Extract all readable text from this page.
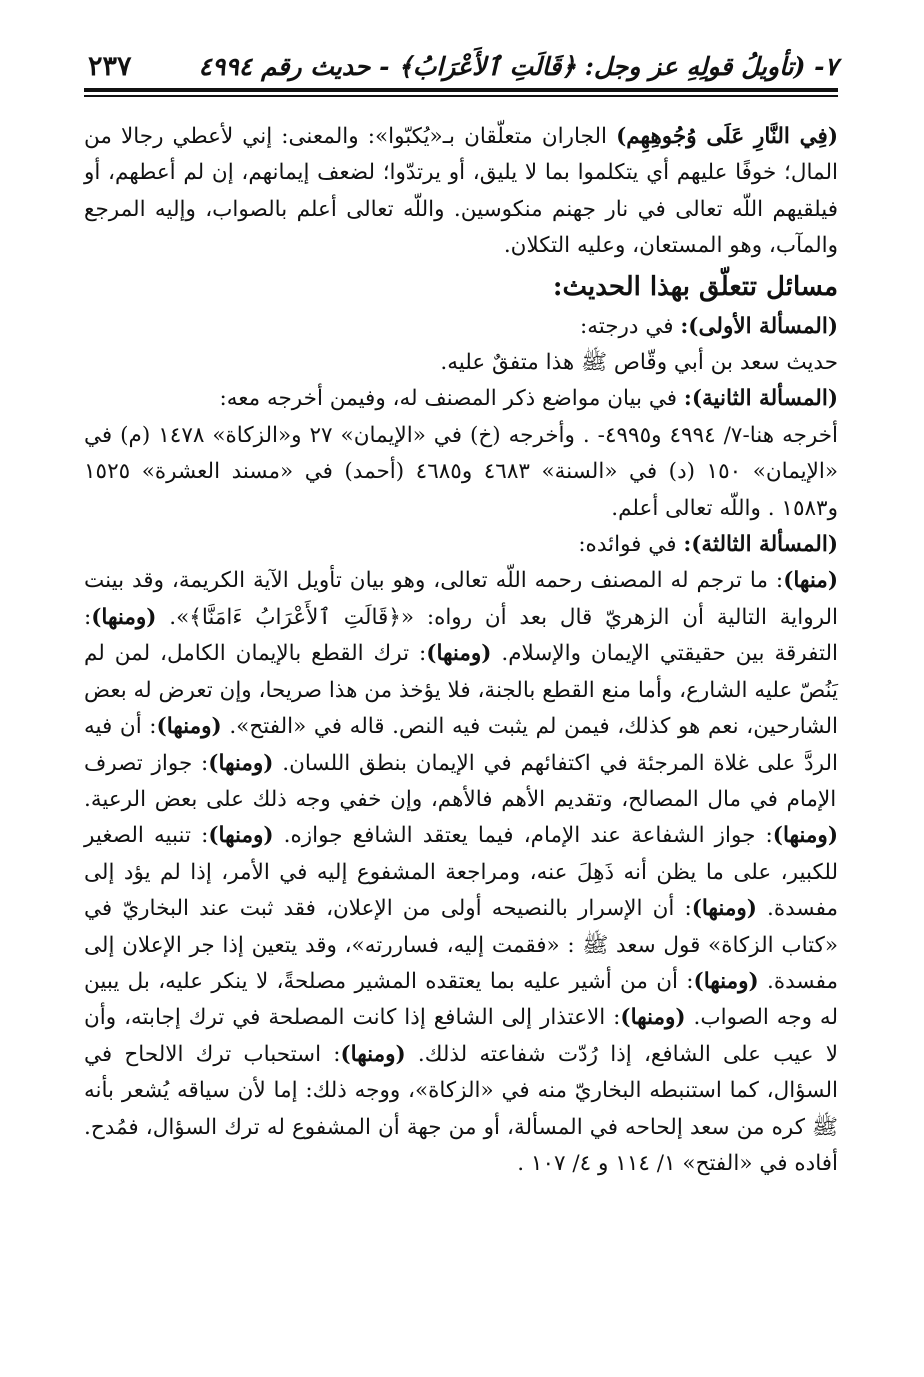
٧- (تأويلُ قولِهِ عز وجل: ﴿قَالَتِ ٱلأَعْرَابُ﴾ - حديث رقم ٤٩٩٤
٢٣٧

(فِي النَّارِ عَلَى وُجُوهِهِم) الجاران متعلّقان بـ«يُكبّوا»: والمعنى: إني لأعطي رجالا من المال؛ خوفًا عليهم أي يتكلموا بما لا يليق، أو يرتدّوا؛ لضعف إيمانهم، إن لم أعطهم، أو فيلقيهم اللّه تعالى في نار جهنم منكوسين. واللّه تعالى أعلم بالصواب، وإليه المرجع والمآب، وهو المستعان، وعليه التكلان.

مسائل تتعلّق بهذا الحديث:

(المسألة الأولى): في درجته:

حديث سعد بن أبي وقّاص ﷺ هذا متفقٌ عليه.

(المسألة الثانية): في بيان مواضع ذكر المصنف له، وفيمن أخرجه معه:

أخرجه هنا-٧/ ٤٩٩٤ و٤٩٩٥- . وأخرجه (خ) في «الإيمان» ٢٧ و«الزكاة» ١٤٧٨ (م) في «الإيمان» ١٥٠ (د) في «السنة» ٤٦٨٣ و٤٦٨٥ (أحمد) في «مسند العشرة» ١٥٢٥ و١٥٨٣ . واللّه تعالى أعلم.

(المسألة الثالثة): في فوائده:

(منها): ما ترجم له المصنف رحمه اللّه تعالى، وهو بيان تأويل الآية الكريمة، وقد بينت الرواية التالية أن الزهريّ قال بعد أن رواه: «﴿قَالَتِ ٱلأَعْرَابُ ءَامَنَّا﴾». (ومنها): التفرقة بين حقيقتي الإيمان والإسلام. (ومنها): ترك القطع بالإيمان الكامل، لمن لم يَنُصّ عليه الشارع، وأما منع القطع بالجنة، فلا يؤخذ من هذا صريحا، وإن تعرض له بعض الشارحين، نعم هو كذلك، فيمن لم يثبت فيه النص. قاله في «الفتح». (ومنها): أن فيه الردَّ على غلاة المرجئة في اكتفائهم في الإيمان بنطق اللسان. (ومنها): جواز تصرف الإمام في مال المصالح، وتقديم الأهم فالأهم، وإن خفي وجه ذلك على بعض الرعية. (ومنها): جواز الشفاعة عند الإمام، فيما يعتقد الشافع جوازه. (ومنها): تنبيه الصغير للكبير، على ما يظن أنه ذَهِلَ عنه، ومراجعة المشفوع إليه في الأمر، إذا لم يؤد إلى مفسدة. (ومنها): أن الإسرار بالنصيحه أولى من الإعلان، فقد ثبت عند البخاريّ في «كتاب الزكاة» قول سعد ﷺ : «فقمت إليه، فساررته»، وقد يتعين إذا جر الإعلان إلى مفسدة. (ومنها): أن من أشير عليه بما يعتقده المشير مصلحةً، لا ينكر عليه، بل يبين له وجه الصواب. (ومنها): الاعتذار إلى الشافع إذا كانت المصلحة في ترك إجابته، وأن لا عيب على الشافع، إذا رُدّت شفاعته لذلك. (ومنها): استحباب ترك الالحاح في السؤال، كما استنبطه البخاريّ منه في «الزكاة»، ووجه ذلك: إما لأن سياقه يُشعر بأنه ﷺ كره من سعد إلحاحه في المسألة، أو من جهة أن المشفوع له ترك السؤال، فمُدح. أفاده في «الفتح» ١/ ١١٤ و ٤/ ١٠٧ .
